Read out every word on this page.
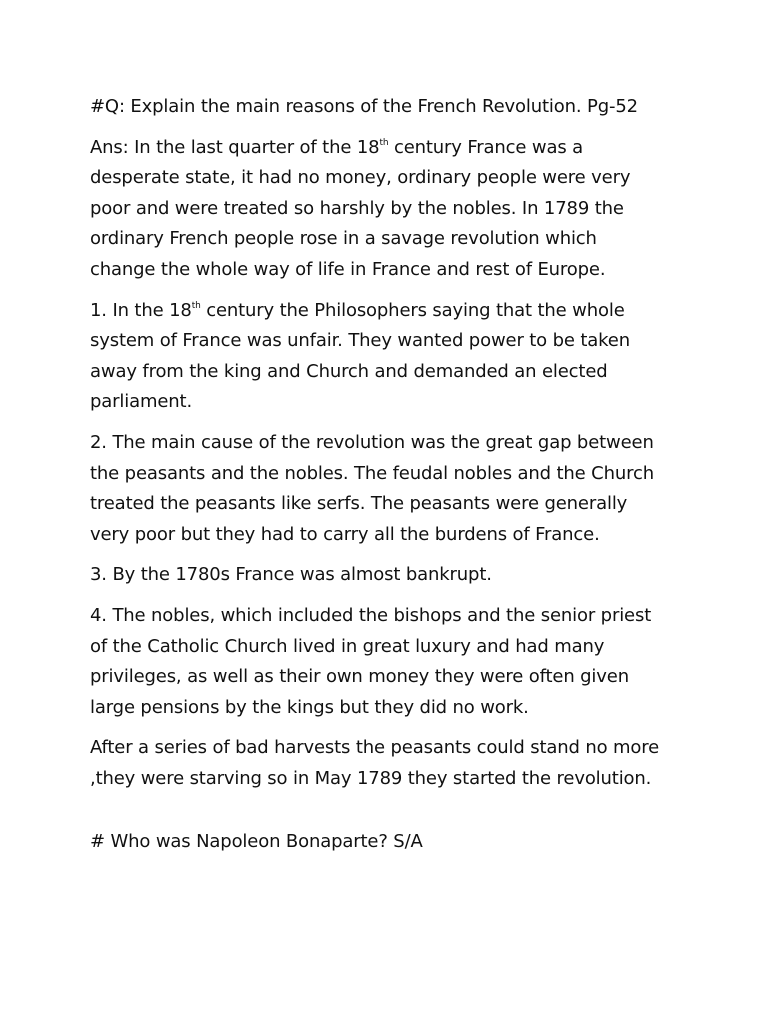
#Q: Explain the main reasons of the French Revolution. Pg-52

Ans: In the last quarter of the 18th century France was a
desperate state, it had no money, ordinary people were very
poor and were treated so harshly by the nobles. In 1789 the
ordinary French people rose in a savage revolution which
change the whole way of life in France and rest of Europe.

1. In the 18th century the Philosophers saying that the whole
system of France was unfair. They wanted power to be taken
away from the king and Church and demanded an elected
parliament.

2. The main cause of the revolution was the great gap between
the peasants and the nobles. The feudal nobles and the Church
treated the peasants like serfs. The peasants were generally
very poor but they had to carry all the burdens of France.

3. By the 1780s France was almost bankrupt.

4. The nobles, which included the bishops and the senior priest
of the Catholic Church lived in great luxury and had many
privileges, as well as their own money they were often given
large pensions by the kings but they did no work.

After a series of bad harvests the peasants could stand no more
,they were starving so in May 1789 they started the revolution.

# Who was Napoleon Bonaparte? S/A
